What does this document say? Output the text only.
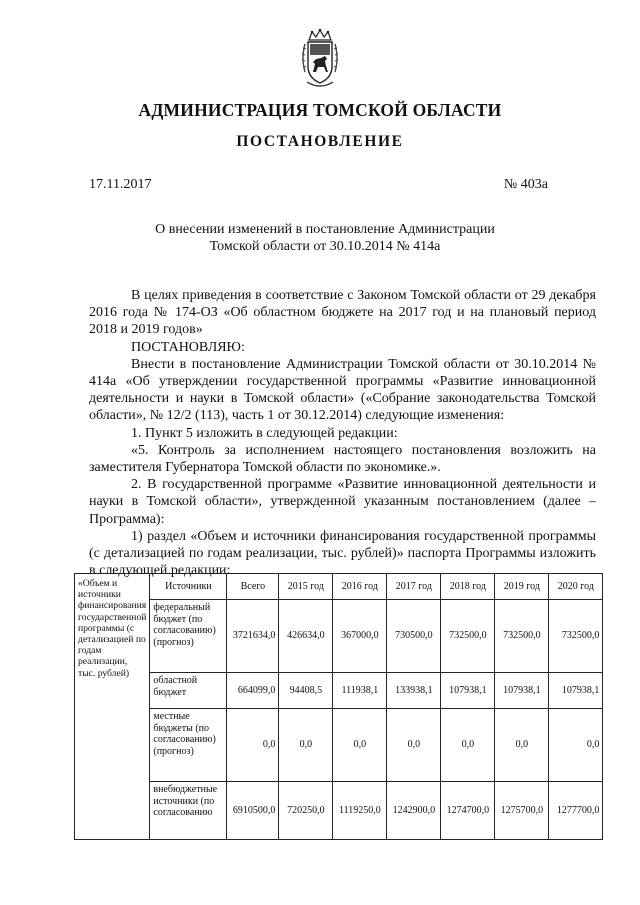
АДМИНИСТРАЦИЯ ТОМСКОЙ ОБЛАСТИ
ПОСТАНОВЛЕНИЕ
17.11.2017	№ 403а
О внесении изменений в постановление Администрации
Томской области от 30.10.2014 № 414а

В целях приведения в соответствие с Законом Томской области от 29 декабря 2016 года № 174-ОЗ «Об областном бюджете на 2017 год и на плановый период 2018 и 2019 годов»

ПОСТАНОВЛЯЮ:

Внести в постановление Администрации Томской области от 30.10.2014 № 414а «Об утверждении государственной программы «Развитие инновационной деятельности и науки в Томской области» («Собрание законодательства Томской области», № 12/2 (113), часть 1 от 30.12.2014) следующие изменения:

1. Пункт 5 изложить в следующей редакции:

«5. Контроль за исполнением настоящего постановления возложить на заместителя Губернатора Томской области по экономике.».

2. В государственной программе «Развитие инновационной деятельности и науки в Томской области», утвержденной указанным постановлением (далее – Программа):

1) раздел «Объем и источники финансирования государственной программы (с детализацией по годам реализации, тыс. рублей)» паспорта Программы изложить в следующей редакции:

«Объем и источники финансирования государственной программы (с детализацией по годам реализации, тыс. рублей)	Источники	Всего	2015 год	2016 год	2017 год	2018 год	2019 год	2020 год
	федеральный бюджет (по согласованию) (прогноз)	3721634,0	426634,0	367000,0	730500,0	732500,0	732500,0	732500,0
	областной бюджет	664099,0	94408,5	111938,1	133938,1	107938,1	107938,1	107938,1
	местные бюджеты (по согласованию) (прогноз)	0,0	0,0	0,0	0,0	0,0	0,0	0,0
	внебюджетные источники (по согласованию	6910500,0	720250,0	1119250,0	1242900,0	1274700,0	1275700,0	1277700,0
